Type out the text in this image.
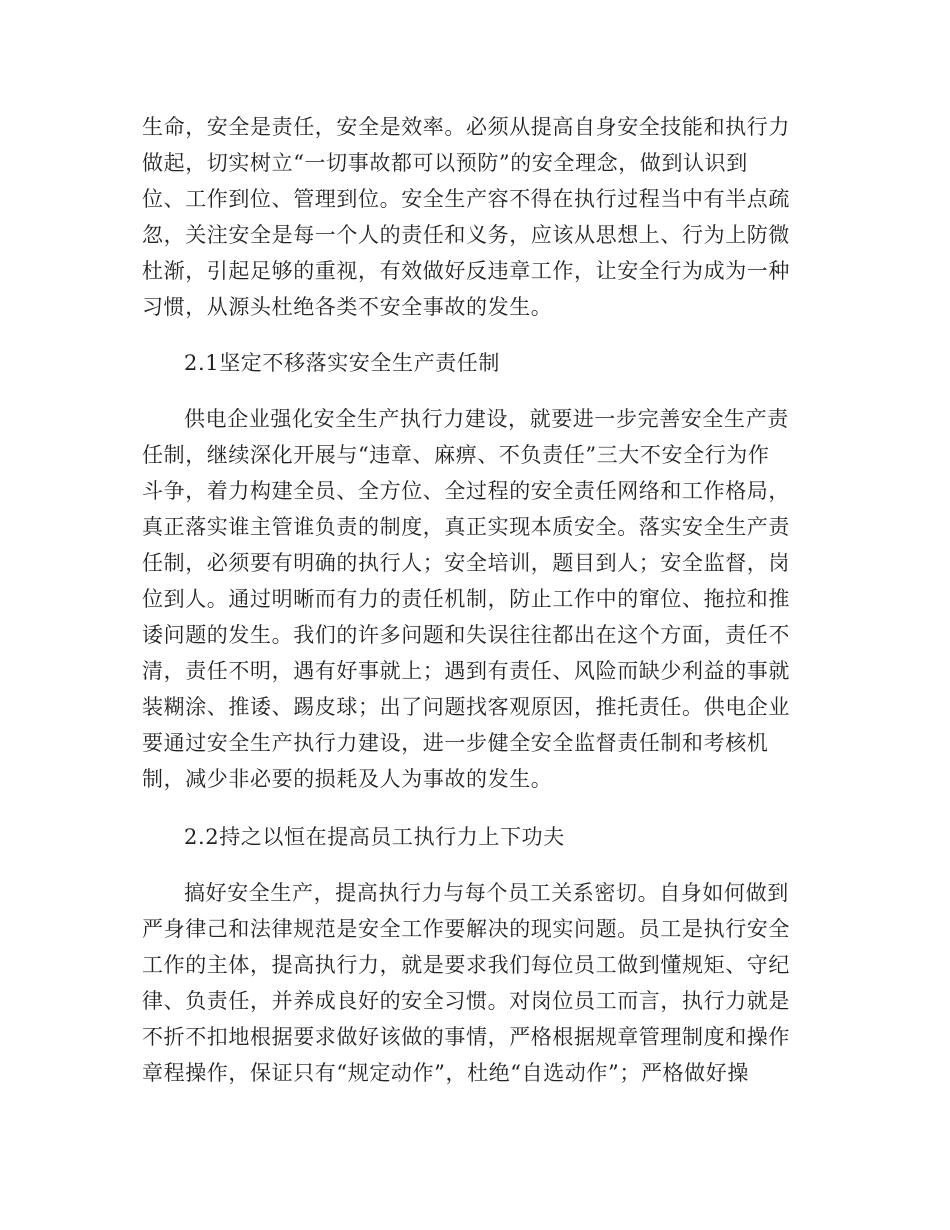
生命，安全是责任，安全是效率。必须从提高自身安全技能和执行力
做起，切实树立“一切事故都可以预防”的安全理念，做到认识到
位、工作到位、管理到位。安全生产容不得在执行过程当中有半点疏
忽，关注安全是每一个人的责任和义务，应该从思想上、行为上防微
杜渐，引起足够的重视，有效做好反违章工作，让安全行为成为一种
习惯，从源头杜绝各类不安全事故的发生。
2.1坚定不移落实安全生产责任制
供电企业强化安全生产执行力建设，就要进一步完善安全生产责
任制，继续深化开展与“违章、麻痹、不负责任”三大不安全行为作
斗争，着力构建全员、全方位、全过程的安全责任网络和工作格局，
真正落实谁主管谁负责的制度，真正实现本质安全。落实安全生产责
任制，必须要有明确的执行人；安全培训，题目到人；安全监督，岗
位到人。通过明晰而有力的责任机制，防止工作中的窜位、拖拉和推
诿问题的发生。我们的许多问题和失误往往都出在这个方面，责任不
清，责任不明，遇有好事就上；遇到有责任、风险而缺少利益的事就
装糊涂、推诿、踢皮球；出了问题找客观原因，推托责任。供电企业
要通过安全生产执行力建设，进一步健全安全监督责任制和考核机
制，减少非必要的损耗及人为事故的发生。
2.2持之以恒在提高员工执行力上下功夫
搞好安全生产，提高执行力与每个员工关系密切。自身如何做到
严身律己和法律规范是安全工作要解决的现实问题。员工是执行安全
工作的主体，提高执行力，就是要求我们每位员工做到懂规矩、守纪
律、负责任，并养成良好的安全习惯。对岗位员工而言，执行力就是
不折不扣地根据要求做好该做的事情，严格根据规章管理制度和操作
章程操作，保证只有“规定动作”，杜绝“自选动作”；严格做好操
